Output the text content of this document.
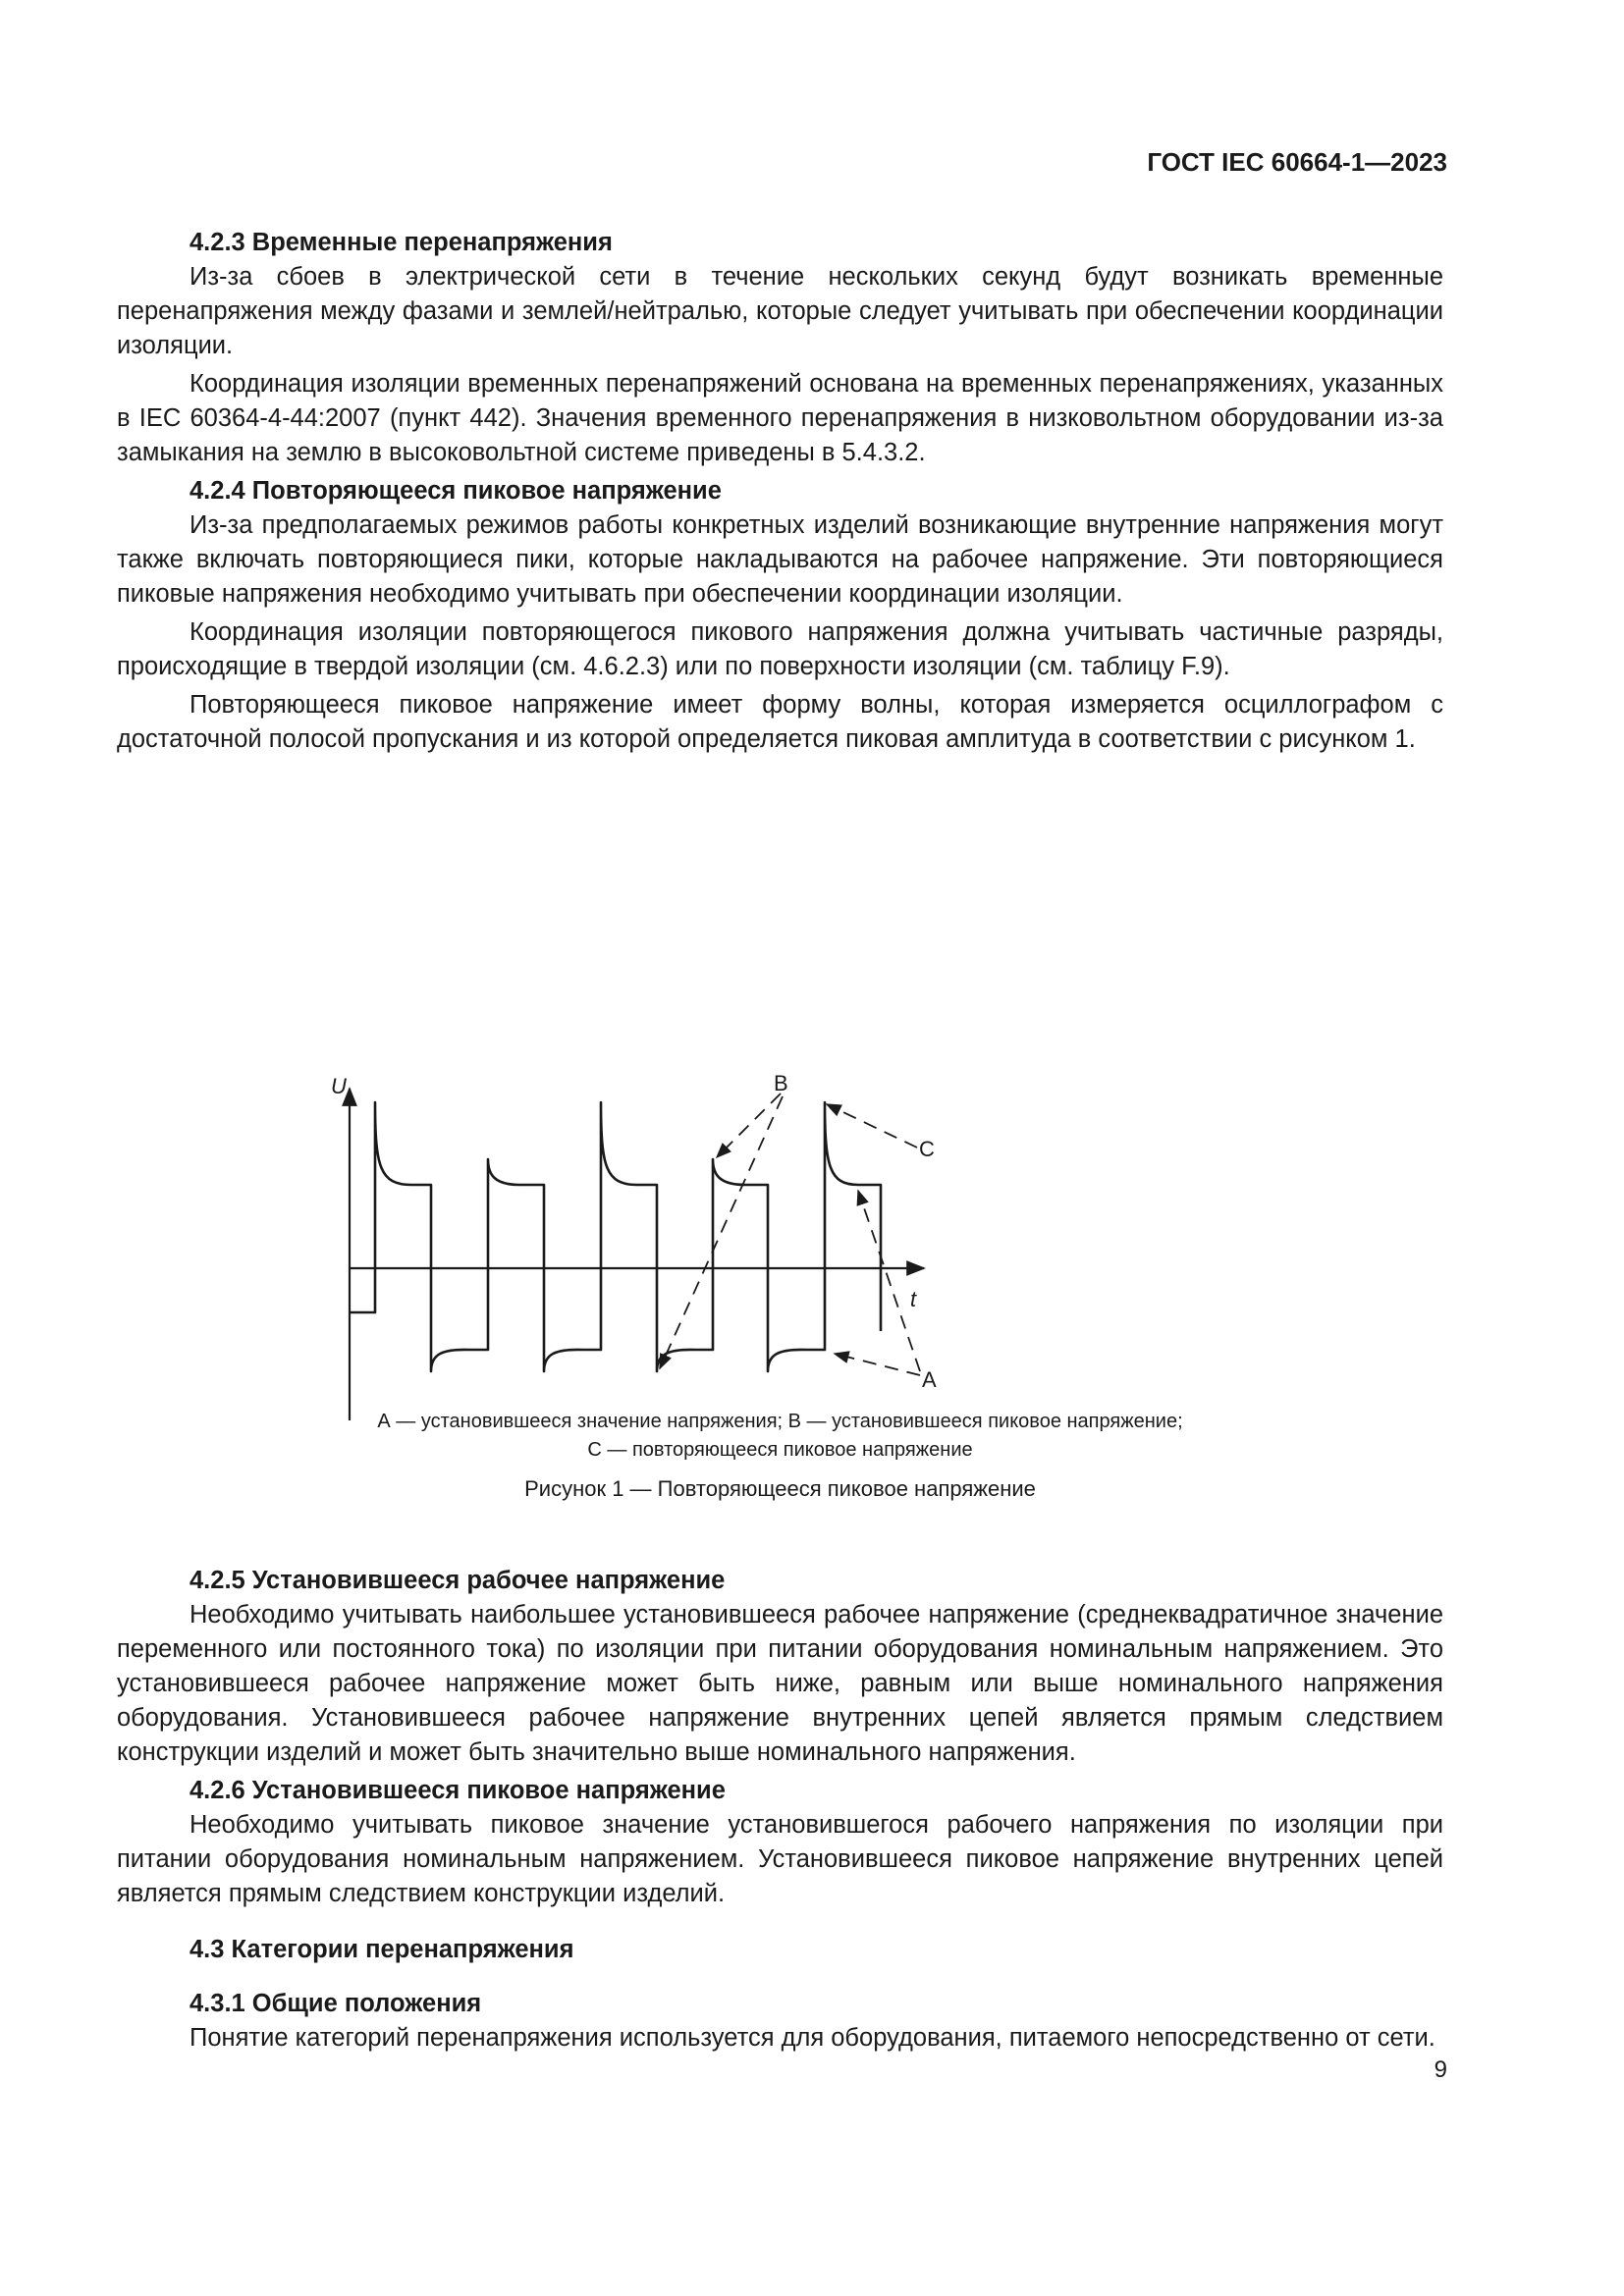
ГОСТ IEC 60664-1—2023
4.2.3 Временные перенапряжения

Из-за сбоев в электрической сети в течение нескольких секунд будут возникать временные перенапряжения между фазами и землей/нейтралью, которые следует учитывать при обеспечении координации изоляции.

Координация изоляции временных перенапряжений основана на временных перенапряжениях, указанных в IEC 60364-4-44:2007 (пункт 442). Значения временного перенапряжения в низковольтном оборудовании из-за замыкания на землю в высоковольтной системе приведены в 5.4.3.2.

4.2.4 Повторяющееся пиковое напряжение

Из-за предполагаемых режимов работы конкретных изделий возникающие внутренние напряжения могут также включать повторяющиеся пики, которые накладываются на рабочее напряжение. Эти повторяющиеся пиковые напряжения необходимо учитывать при обеспечении координации изоляции.

Координация изоляции повторяющегося пикового напряжения должна учитывать частичные разряды, происходящие в твердой изоляции (см. 4.6.2.3) или по поверхности изоляции (см. таблицу F.9).

Повторяющееся пиковое напряжение имеет форму волны, которая измеряется осциллографом с достаточной полосой пропускания и из которой определяется пиковая амплитуда в соответствии с рисунком 1.

U
t
B
C
A
А — установившееся значение напряжения; В — установившееся пиковое напряжение;
С — повторяющееся пиковое напряжение
Рисунок 1 — Повторяющееся пиковое напряжение
4.2.5 Установившееся рабочее напряжение

Необходимо учитывать наибольшее установившееся рабочее напряжение (среднеквадратичное значение переменного или постоянного тока) по изоляции при питании оборудования номинальным напряжением. Это установившееся рабочее напряжение может быть ниже, равным или выше номинального напряжения оборудования. Установившееся рабочее напряжение внутренних цепей является прямым следствием конструкции изделий и может быть значительно выше номинального напряжения.

4.2.6 Установившееся пиковое напряжение

Необходимо учитывать пиковое значение установившегося рабочего напряжения по изоляции при питании оборудования номинальным напряжением. Установившееся пиковое напряжение внутренних цепей является прямым следствием конструкции изделий.

4.3 Категории перенапряжения
4.3.1 Общие положения

Понятие категорий перенапряжения используется для оборудования, питаемого непосредственно от сети.

9
